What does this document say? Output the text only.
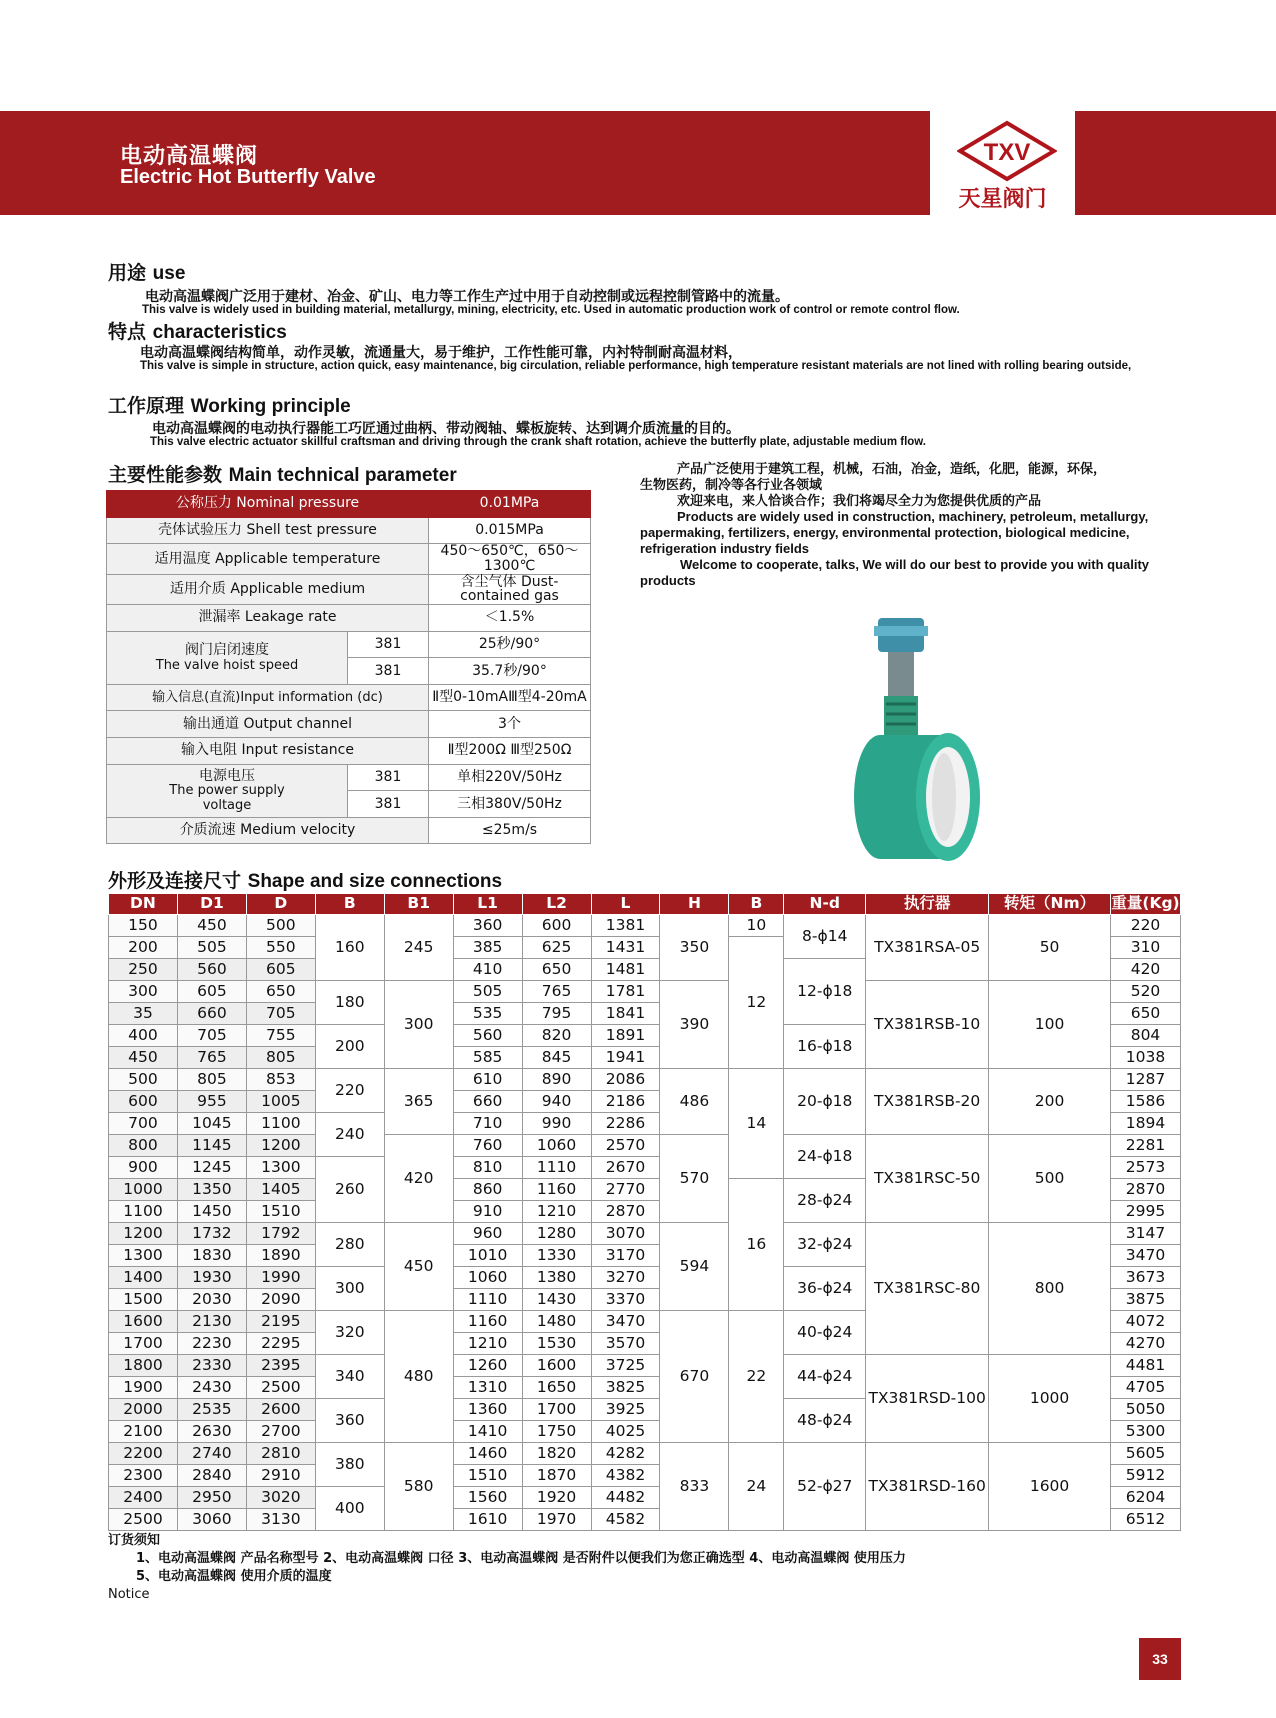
电动高温蝶阀
Electric Hot Butterfly Valve
TXV
天星阀门
用途 use
电动高温蝶阀广泛用于建材、冶金、矿山、电力等工作生产过中用于自动控制或远程控制管路中的流量。
This valve is widely used in building material, metallurgy, mining, electricity, etc. Used in automatic production work of control or remote control flow.
特点 characteristics
电动高温蝶阀结构简单，动作灵敏，流通量大，易于维护，工作性能可靠，内衬特制耐高温材料，
This valve is simple in structure, action quick, easy maintenance, big circulation, reliable performance, high temperature resistant materials are not lined with rolling bearing outside,
工作原理 Working principle
电动高温蝶阀的电动执行器能工巧匠通过曲柄、带动阀轴、蝶板旋转、达到调介质流量的目的。
This valve electric actuator skillful craftsman and driving through the crank shaft rotation, achieve the butterfly plate, adjustable medium flow.
主要性能参数 Main technical parameter
公称压力 Nominal pressure		0.01MPa
壳体试验压力 Shell test pressure		0.015MPa
适用温度 Applicable temperature		450～650℃，650～1300℃
适用介质 Applicable medium		含尘气体 Dust-contained gas
泄漏率 Leakage rate		＜1.5%
阀门启闭速度
The valve hoist speed	381	25秒/90°
	381	35.7秒/90°
输入信息(直流)Input information (dc)		Ⅱ型0-10mAⅢ型4-20mA
输出通道 Output channel		3个
输入电阻 Input resistance		Ⅱ型200Ω Ⅲ型250Ω
电源电压
The power supply
voltage	381	单相220V/50Hz
	381	三相380V/50Hz
介质流速 Medium velocity		≤25m/s
产品广泛使用于建筑工程，机械，石油，冶金，造纸，化肥，能源，环保，
生物医药，制冷等各行业各领域
欢迎来电，来人恰谈合作；我们将竭尽全力为您提供优质的产品
Products are widely used in construction, machinery, petroleum, metallurgy,
papermaking, fertilizers, energy, environmental protection, biological medicine,
refrigeration industry fields
Welcome to cooperate, talks, We will do our best to provide you with quality
products
外形及连接尺寸 Shape and size connections
DN	D1	D	B	B1	L1	L2	L	H	B	N-d	执行器	转矩（Nm）	重量(Kg)
150	450	500	160	245	360	600	1381	350	10	8-ϕ14	TX381RSA-05	50	220
200	505	550			385	625	1431		12				310
250	560	605			410	650	1481			12-ϕ18			420
300	605	650	180	300	505	765	1781	390			TX381RSB-10	100	520
35	660	705			535	795	1841						650
400	705	755	200		560	820	1891			16-ϕ18			804
450	765	805			585	845	1941						1038
500	805	853	220	365	610	890	2086	486	14	20-ϕ18	TX381RSB-20	200	1287
600	955	1005			660	940	2186						1586
700	1045	1100	240		710	990	2286						1894
800	1145	1200		420	760	1060	2570	570		24-ϕ18	TX381RSC-50	500	2281
900	1245	1300	260		810	1110	2670						2573
1000	1350	1405			860	1160	2770		16	28-ϕ24			2870
1100	1450	1510			910	1210	2870						2995
1200	1732	1792	280	450	960	1280	3070	594		32-ϕ24	TX381RSC-80	800	3147
1300	1830	1890			1010	1330	3170						3470
1400	1930	1990	300		1060	1380	3270			36-ϕ24			3673
1500	2030	2090			1110	1430	3370						3875
1600	2130	2195	320	480	1160	1480	3470	670	22	40-ϕ24			4072
1700	2230	2295			1210	1530	3570						4270
1800	2330	2395	340		1260	1600	3725			44-ϕ24	TX381RSD-100	1000	4481
1900	2430	2500			1310	1650	3825						4705
2000	2535	2600	360		1360	1700	3925			48-ϕ24			5050
2100	2630	2700			1410	1750	4025						5300
2200	2740	2810	380	580	1460	1820	4282	833	24	52-ϕ27	TX381RSD-160	1600	5605
2300	2840	2910			1510	1870	4382						5912
2400	2950	3020	400		1560	1920	4482						6204
2500	3060	3130			1610	1970	4582						6512
订货须知
1、电动高温蝶阀 产品名称型号 2、电动高温蝶阀 口径 3、电动高温蝶阀 是否附件以便我们为您正确选型 4、电动高温蝶阀 使用压力
5、电动高温蝶阀 使用介质的温度
Notice
33
